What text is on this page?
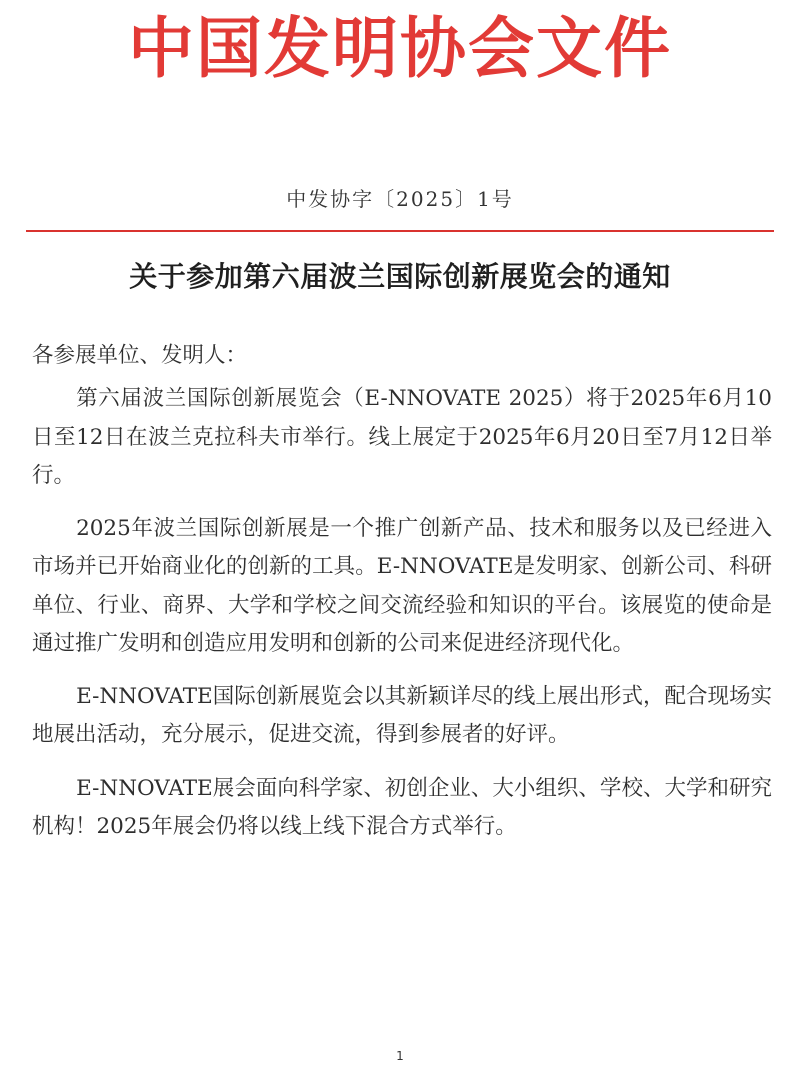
中国发明协会文件
中发协字〔2025〕1号
关于参加第六届波兰国际创新展览会的通知

各参展单位、发明人：

第六届波兰国际创新展览会（E-NNOVATE 2025）将于2025年6月10日至12日在波兰克拉科夫市举行。线上展定于2025年6月20日至7月12日举行。

2025年波兰国际创新展是一个推广创新产品、技术和服务以及已经进入市场并已开始商业化的创新的工具。E-NNOVATE是发明家、创新公司、科研单位、行业、商界、大学和学校之间交流经验和知识的平台。该展览的使命是通过推广发明和创造应用发明和创新的公司来促进经济现代化。

E-NNOVATE国际创新展览会以其新颖详尽的线上展出形式，配合现场实地展出活动，充分展示，促进交流，得到参展者的好评。

E-NNOVATE展会面向科学家、初创企业、大小组织、学校、大学和研究机构！2025年展会仍将以线上线下混合方式举行。

1
